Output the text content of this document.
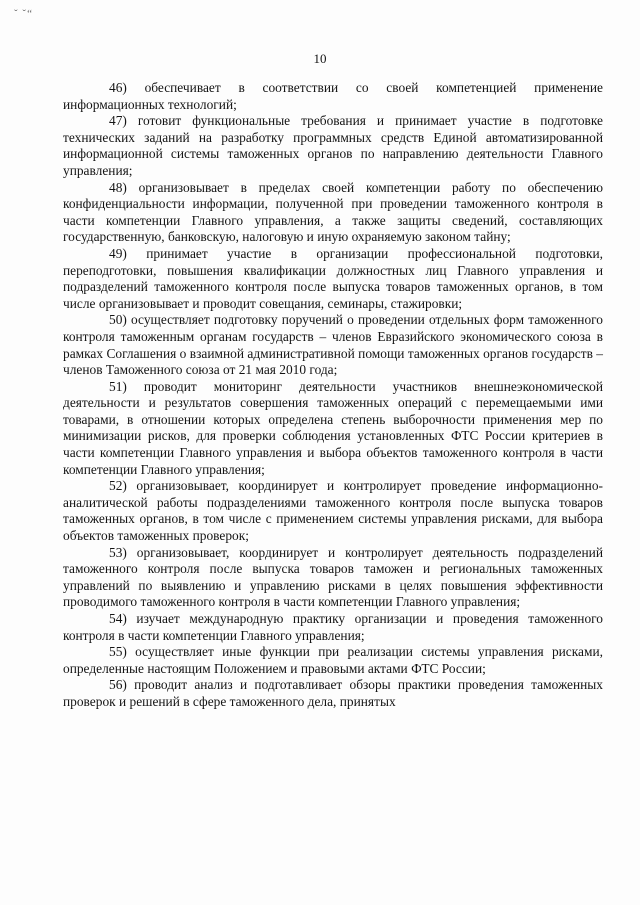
ˇ ˇ“
10

46) обеспечивает в соответствии со своей компетенцией применение информационных технологий;

47) готовит функциональные требования и принимает участие в подготовке технических заданий на разработку программных средств Единой автоматизированной информационной системы таможенных органов по направлению деятельности Главного управления;

48) организовывает в пределах своей компетенции работу по обеспечению конфиденциальности информации, полученной при проведении таможенного контроля в части компетенции Главного управления, а также защиты сведений, составляющих государственную, банковскую, налоговую и иную охраняемую законом тайну;

49) принимает участие в организации профессиональной подготовки, переподготовки, повышения квалификации должностных лиц Главного управления и подразделений таможенного контроля после выпуска товаров таможенных органов, в том числе организовывает и проводит совещания, семинары, стажировки;

50) осуществляет подготовку поручений о проведении отдельных форм таможенного контроля таможенным органам государств – членов Евразийского экономического союза в рамках Соглашения о взаимной административной помощи таможенных органов государств – членов Таможенного союза от 21 мая 2010 года;

51) проводит мониторинг деятельности участников внешнеэкономической деятельности и результатов совершения таможенных операций с перемещаемыми ими товарами, в отношении которых определена степень выборочности применения мер по минимизации рисков, для проверки соблюдения установленных ФТС России критериев в части компетенции Главного управления и выбора объектов таможенного контроля в части компетенции Главного управления;

52) организовывает, координирует и контролирует проведение информационно-аналитической работы подразделениями таможенного контроля после выпуска товаров таможенных органов, в том числе с применением системы управления рисками, для выбора объектов таможенных проверок;

53) организовывает, координирует и контролирует деятельность подразделений таможенного контроля после выпуска товаров таможен и региональных таможенных управлений по выявлению и управлению рисками в целях повышения эффективности проводимого таможенного контроля в части компетенции Главного управления;

54) изучает международную практику организации и проведения таможенного контроля в части компетенции Главного управления;

55) осуществляет иные функции при реализации системы управления рисками, определенные настоящим Положением и правовыми актами ФТС России;

56) проводит анализ и подготавливает обзоры практики проведения таможенных проверок и решений в сфере таможенного дела, принятых
